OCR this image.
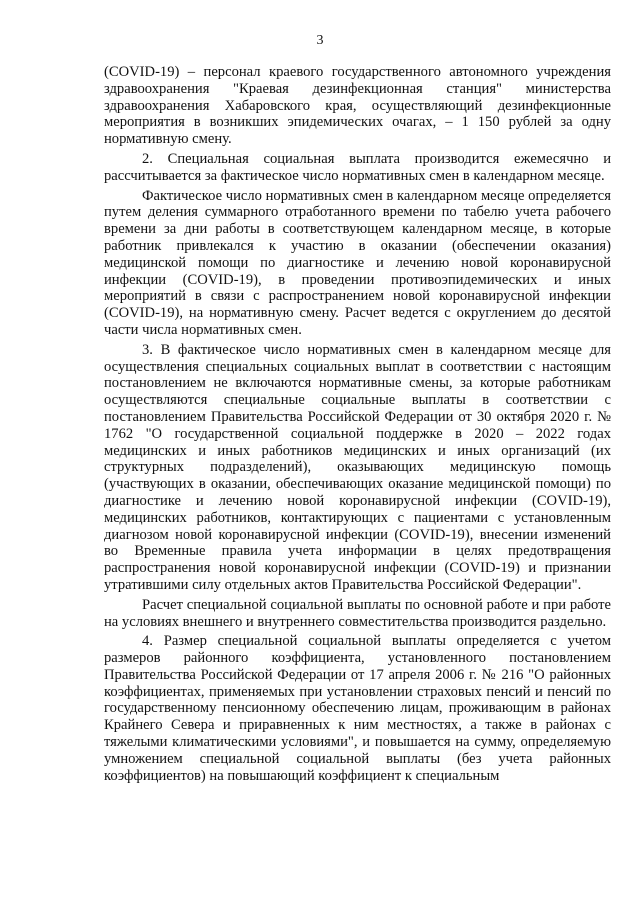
3

(COVID-19) – персонал краевого государственного автономного учреждения здравоохранения "Краевая дезинфекционная станция" министерства здравоохранения Хабаровского края, осуществляющий дезинфекционные мероприятия в возникших эпидемических очагах, – 1 150 рублей за одну нормативную смену.

2. Специальная социальная выплата производится ежемесячно и рассчитывается за фактическое число нормативных смен в календарном месяце.

Фактическое число нормативных смен в календарном месяце определяется путем деления суммарного отработанного времени по табелю учета рабочего времени за дни работы в соответствующем календарном месяце, в которые работник привлекался к участию в оказании (обеспечении оказания) медицинской помощи по диагностике и лечению новой коронавирусной инфекции (COVID-19), в проведении противоэпидемических и иных мероприятий в связи с распространением новой коронавирусной инфекции (COVID-19), на нормативную смену. Расчет ведется с округлением до десятой части числа нормативных смен.

3. В фактическое число нормативных смен в календарном месяце для осуществления специальных социальных выплат в соответствии с настоящим постановлением не включаются нормативные смены, за которые работникам осуществляются специальные социальные выплаты в соответствии с постановлением Правительства Российской Федерации от 30 октября 2020 г. № 1762 "О государственной социальной поддержке в 2020 – 2022 годах медицинских и иных работников медицинских и иных организаций (их структурных подразделений), оказывающих медицинскую помощь (участвующих в оказании, обеспечивающих оказание медицинской помощи) по диагностике и лечению новой коронавирусной инфекции (COVID-19), медицинских работников, контактирующих с пациентами с установленным диагнозом новой коронавирусной инфекции (COVID-19), внесении изменений во Временные правила учета информации в целях предотвращения распространения новой коронавирусной инфекции (COVID-19) и признании утратившими силу отдельных актов Правительства Российской Федерации".

Расчет специальной социальной выплаты по основной работе и при работе на условиях внешнего и внутреннего совместительства производится раздельно.

4. Размер специальной социальной выплаты определяется с учетом размеров районного коэффициента, установленного постановлением Правительства Российской Федерации от 17 апреля 2006 г. № 216 "О районных коэффициентах, применяемых при установлении страховых пенсий и пенсий по государственному пенсионному обеспечению лицам, проживающим в районах Крайнего Севера и приравненных к ним местностях, а также в районах с тяжелыми климатическими условиями", и повышается на сумму, определяемую умножением специальной социальной выплаты (без учета районных коэффициентов) на повышающий коэффициент к специальным
